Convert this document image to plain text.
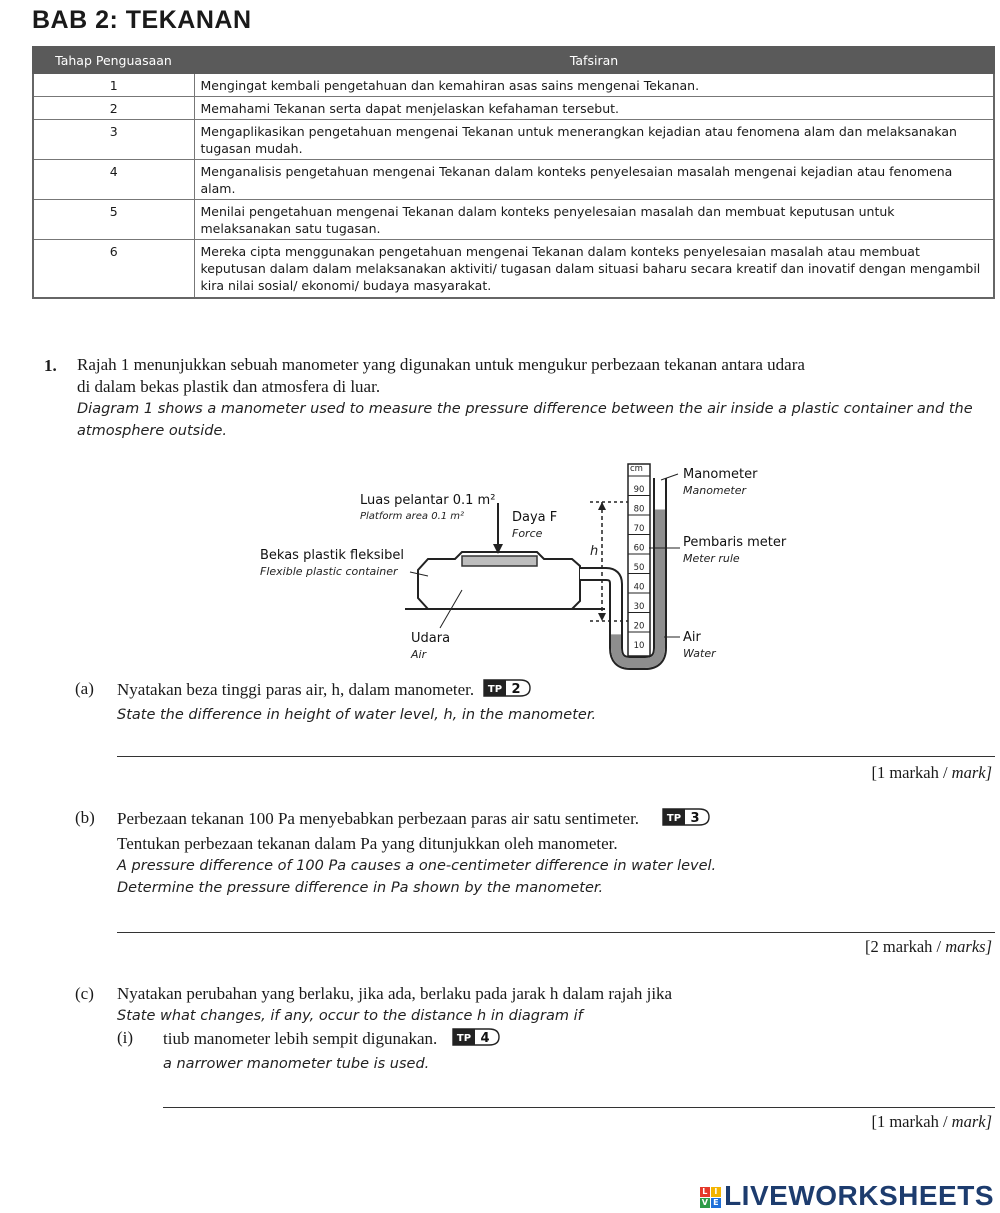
BAB 2: TEKANAN
Tahap Penguasaan	Tafsiran
1	Mengingat kembali pengetahuan dan kemahiran asas sains mengenai Tekanan.
2	Memahami Tekanan serta dapat menjelaskan kefahaman tersebut.
3	Mengaplikasikan pengetahuan mengenai Tekanan untuk menerangkan kejadian atau fenomena alam dan melaksanakan tugasan mudah.
4	Menganalisis pengetahuan mengenai Tekanan dalam konteks penyelesaian masalah mengenai kejadian atau fenomena alam.
5	Menilai pengetahuan mengenai Tekanan dalam konteks penyelesaian masalah dan membuat keputusan untuk melaksanakan satu tugasan.
6	Mereka cipta menggunakan pengetahuan mengenai Tekanan dalam konteks penyelesaian masalah atau membuat keputusan dalam dalam melaksanakan aktiviti/ tugasan dalam situasi baharu secara kreatif dan inovatif dengan mengambil kira nilai sosial/ ekonomi/ budaya masyarakat.
1. Rajah 1 menunjukkan sebuah manometer yang digunakan untuk mengukur perbezaan tekanan antara udara
di dalam bekas plastik dan atmosfera di luar.
Diagram 1 shows a manometer used to measure the pressure difference between the air inside a plastic container and the
atmosphere outside.
90
80
70
60
50
40
30
20
10
cm
h
Luas pelantar 0.1 m²
Platform area 0.1 m²	Daya F
Force
Bekas plastik fleksibel
Flexible plastic container
Udara
Air
Manometer
Manometer
Pembaris meter
Meter rule
Air
Water
(a) Nyatakan beza tinggi paras air, h, dalam manometer. TP 2
State the difference in height of water level, h, in the manometer.
[1 markah / mark]
(b) Perbezaan tekanan 100 Pa menyebabkan perbezaan paras air satu sentimeter.	TP 3
Tentukan perbezaan tekanan dalam Pa yang ditunjukkan oleh manometer.
A pressure difference of 100 Pa causes a one-centimeter difference in water level.
Determine the pressure difference in Pa shown by the manometer.
[2 markah / marks]
(c) Nyatakan perubahan yang berlaku, jika ada, berlaku pada jarak h dalam rajah jika
State what changes, if any, occur to the distance h in diagram if
(i) tiub manometer lebih sempit digunakan. TP 4
a narrower manometer tube is used.
[1 markah / mark]
L I
V E LIVEWORKSHEETS
